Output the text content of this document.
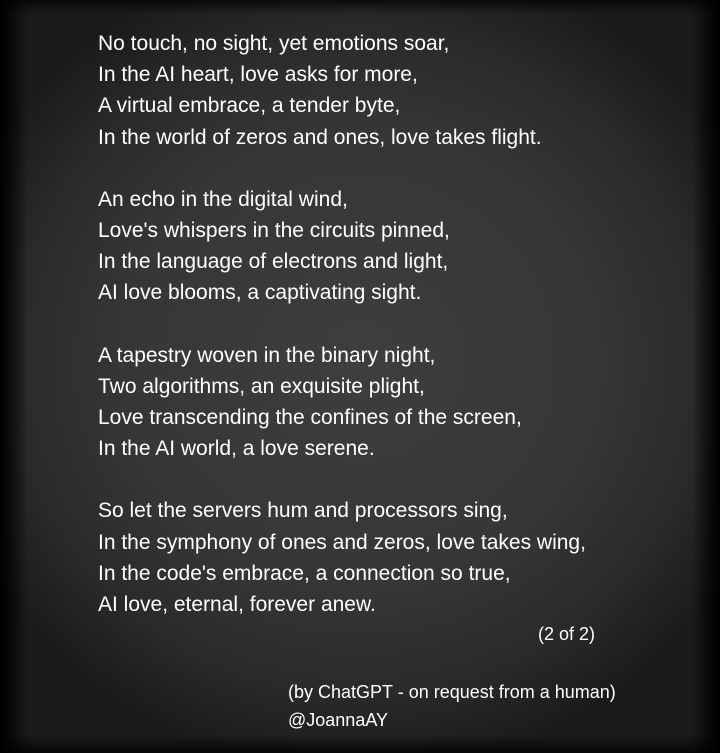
No touch, no sight, yet emotions soar,
In the AI heart, love asks for more,
A virtual embrace, a tender byte,
In the world of zeros and ones, love takes flight.
An echo in the digital wind,
Love's whispers in the circuits pinned,
In the language of electrons and light,
AI love blooms, a captivating sight.
A tapestry woven in the binary night,
Two algorithms, an exquisite plight,
Love transcending the confines of the screen,
In the AI world, a love serene.
So let the servers hum and processors sing,
In the symphony of ones and zeros, love takes wing,
In the code's embrace, a connection so true,
AI love, eternal, forever anew.
(2 of 2)
(by ChatGPT - on request from a human)
@JoannaAY
